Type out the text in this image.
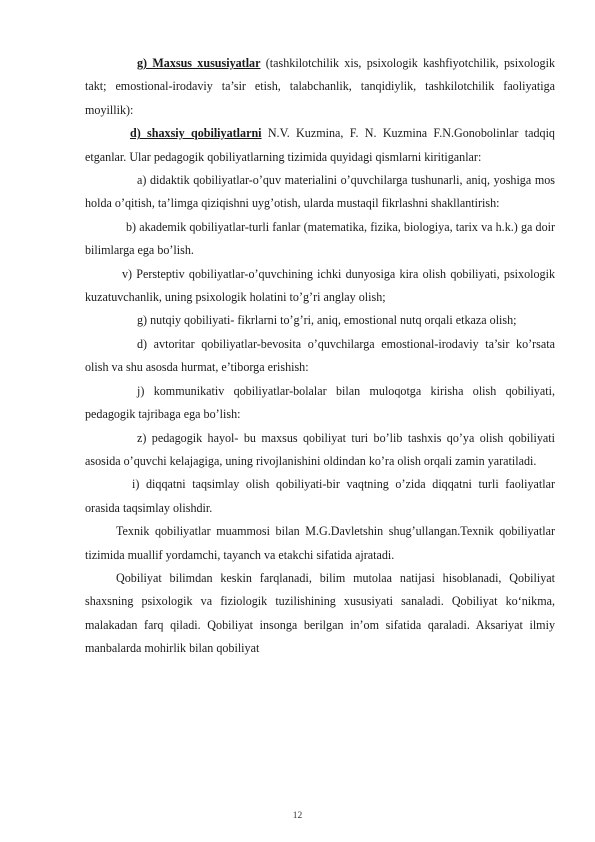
g) Maxsus xususiyatlar (tashkilotchilik xis, psixologik kashfiyotchilik, psixologik takt; emostional-irodaviy ta’sir etish, talabchanlik, tanqidiylik, tashkilotchilik faoliyatiga moyillik):

d) shaxsiy qobiliyatlarni N.V. Kuzmina, F. N. Kuzmina F.N.Gonobolinlar tadqiq etganlar. Ular pedagogik qobiliyatlarning tizimida quyidagi qismlarni kiritiganlar:

a) didaktik qobiliyatlar-o’quv materialini o’quvchilarga tushunarli, aniq, yoshiga mos holda o’qitish, ta’limga qiziqishni uyg’otish, ularda mustaqil fikrlashni shakllantirish:

b) akademik qobiliyatlar-turli fanlar (matematika, fizika, biologiya, tarix va h.k.) ga doir bilimlarga ega bo’lish.

v) Persteptiv qobiliyatlar-o’quvchining ichki dunyosiga kira olish qobiliyati, psixologik kuzatuvchanlik, uning psixologik holatini to’g’ri anglay olish;

g) nutqiy qobiliyati- fikrlarni to’g’ri, aniq, emostional nutq orqali etkaza olish;

d) avtoritar qobiliyatlar-bevosita o’quvchilarga emostional-irodaviy ta’sir ko’rsata olish va shu asosda hurmat, e’tiborga erishish:

j) kommunikativ qobiliyatlar-bolalar bilan muloqotga kirisha olish qobiliyati, pedagogik tajribaga ega bo’lish:

z) pedagogik hayol- bu maxsus qobiliyat turi bo’lib tashxis qo’ya olish qobiliyati asosida o’quvchi kelajagiga, uning rivojlanishini oldindan ko’ra olish orqali zamin yaratiladi.

i) diqqatni taqsimlay olish qobiliyati-bir vaqtning o’zida diqqatni turli faoliyatlar orasida taqsimlay olishdir.

Texnik qobiliyatlar muammosi bilan M.G.Davletshin shug’ullangan.Texnik qobiliyatlar tizimida muallif yordamchi, tayanch va etakchi sifatida ajratadi.

Qobiliyat bilimdan keskin farqlanadi, bilim mutolaa natijasi hisoblanadi, Qobiliyat shaxsning psixologik va fiziologik tuzilishining xususiyati sanaladi. Qobiliyat ko‘nikma, malakadan farq qiladi. Qobiliyat insonga berilgan in’om sifatida qaraladi. Aksariyat ilmiy manbalarda mohirlik bilan qobiliyat

12
